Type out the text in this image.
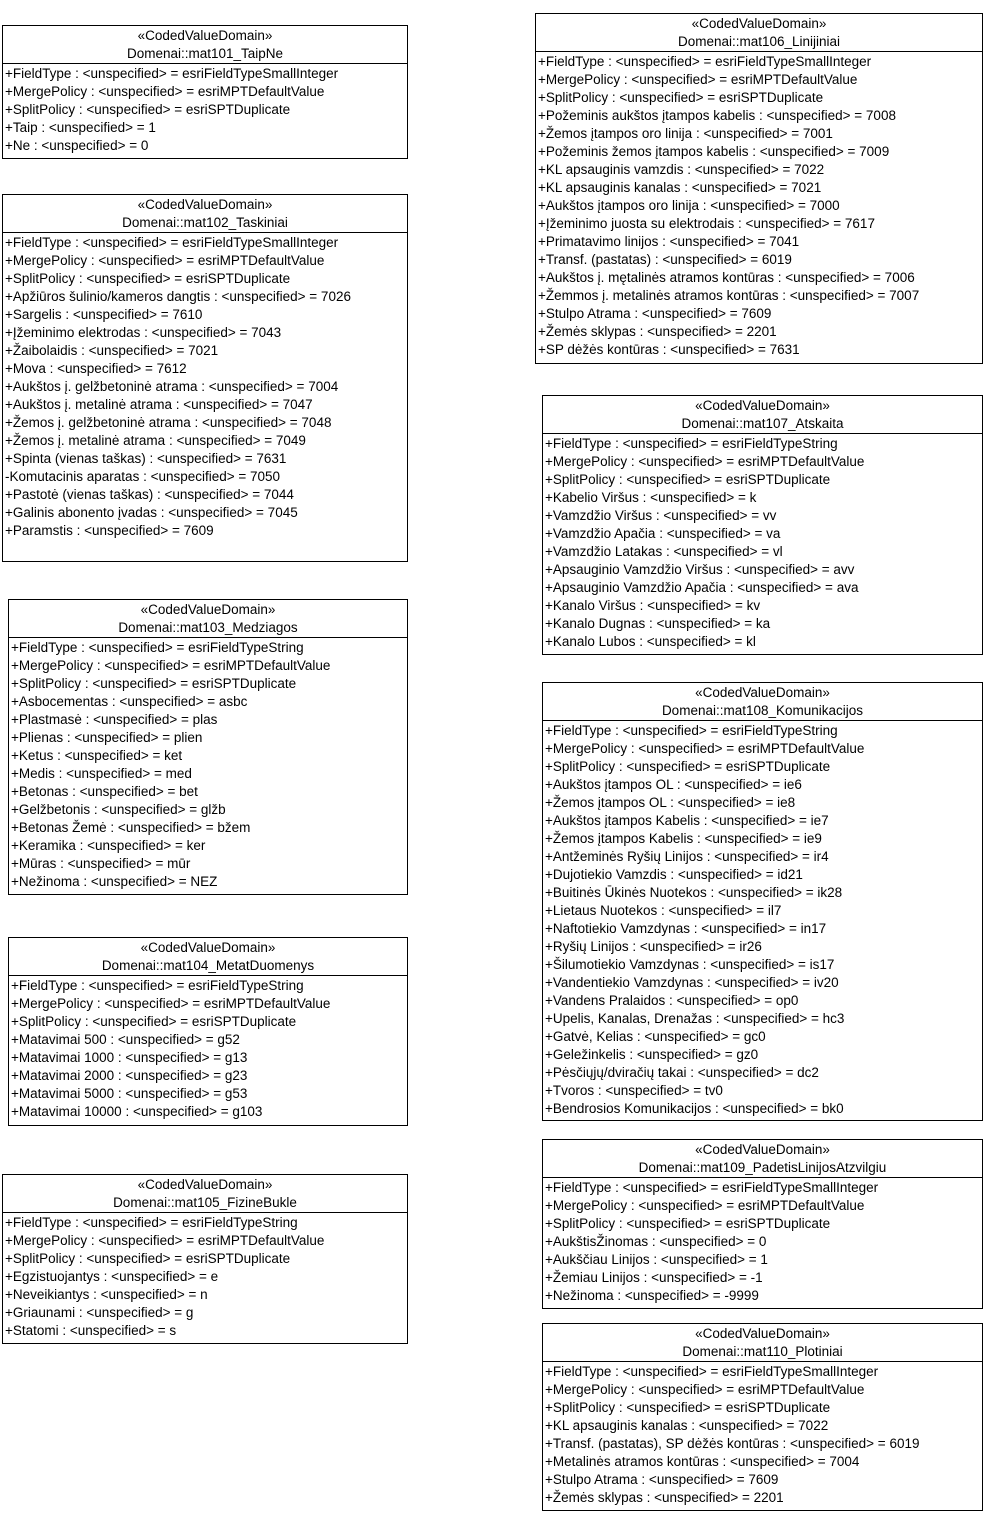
«CodedValueDomain»
Domenai::mat101_TaipNe
+FieldType : <unspecified> = esriFieldTypeSmallInteger
+MergePolicy : <unspecified> = esriMPTDefaultValue
+SplitPolicy : <unspecified> = esriSPTDuplicate
+Taip : <unspecified> = 1
+Ne : <unspecified> = 0
«CodedValueDomain»
Domenai::mat102_Taskiniai
+FieldType : <unspecified> = esriFieldTypeSmallInteger
+MergePolicy : <unspecified> = esriMPTDefaultValue
+SplitPolicy : <unspecified> = esriSPTDuplicate
+Apžiūros šulinio/kameros dangtis : <unspecified> = 7026
+Sargelis : <unspecified> = 7610
+Įžeminimo elektrodas : <unspecified> = 7043
+Žaibolaidis : <unspecified> = 7021
+Mova : <unspecified> = 7612
+Aukštos į. gelžbetoninė atrama : <unspecified> = 7004
+Aukštos į. metalinė atrama : <unspecified> = 7047
+Žemos į. gelžbetoninė atrama : <unspecified> = 7048
+Žemos į. metalinė atrama : <unspecified> = 7049
+Spinta (vienas taškas) : <unspecified> = 7631
-Komutacinis aparatas : <unspecified> = 7050
+Pastotė (vienas taškas) : <unspecified> = 7044
+Galinis abonento įvadas : <unspecified> = 7045
+Paramstis : <unspecified> = 7609
«CodedValueDomain»
Domenai::mat103_Medziagos
+FieldType : <unspecified> = esriFieldTypeString
+MergePolicy : <unspecified> = esriMPTDefaultValue
+SplitPolicy : <unspecified> = esriSPTDuplicate
+Asbocementas : <unspecified> = asbc
+Plastmasė : <unspecified> = plas
+Plienas : <unspecified> = plien
+Ketus : <unspecified> = ket
+Medis : <unspecified> = med
+Betonas : <unspecified> = bet
+Gelžbetonis : <unspecified> = glžb
+Betonas Žemė : <unspecified> = bžem
+Keramika : <unspecified> = ker
+Mūras : <unspecified> = mūr
+Nežinoma : <unspecified> = NEZ
«CodedValueDomain»
Domenai::mat104_MetatDuomenys
+FieldType : <unspecified> = esriFieldTypeString
+MergePolicy : <unspecified> = esriMPTDefaultValue
+SplitPolicy : <unspecified> = esriSPTDuplicate
+Matavimai 500 : <unspecified> = g52
+Matavimai 1000 : <unspecified> = g13
+Matavimai 2000 : <unspecified> = g23
+Matavimai 5000 : <unspecified> = g53
+Matavimai 10000 : <unspecified> = g103
«CodedValueDomain»
Domenai::mat105_FizineBukle
+FieldType : <unspecified> = esriFieldTypeString
+MergePolicy : <unspecified> = esriMPTDefaultValue
+SplitPolicy : <unspecified> = esriSPTDuplicate
+Egzistuojantys : <unspecified> = e
+Neveikiantys : <unspecified> = n
+Griaunami : <unspecified> = g
+Statomi : <unspecified> = s
«CodedValueDomain»
Domenai::mat106_Linijiniai
+FieldType : <unspecified> = esriFieldTypeSmallInteger
+MergePolicy : <unspecified> = esriMPTDefaultValue
+SplitPolicy : <unspecified> = esriSPTDuplicate
+Požeminis aukštos įtampos kabelis : <unspecified> = 7008
+Žemos įtampos oro linija : <unspecified> = 7001
+Požeminis žemos įtampos kabelis : <unspecified> = 7009
+KL apsauginis vamzdis : <unspecified> = 7022
+KL apsauginis kanalas : <unspecified> = 7021
+Aukštos įtampos oro linija : <unspecified> = 7000
+Įžeminimo juosta su elektrodais : <unspecified> = 7617
+Primatavimo linijos : <unspecified> = 7041
+Transf. (pastatas) : <unspecified> = 6019
+Aukštos į. mętalinės atramos kontūras : <unspecified> = 7006
+Žemmos į. metalinės atramos kontūras : <unspecified> = 7007
+Stulpo Atrama : <unspecified> = 7609
+Žemės sklypas : <unspecified> = 2201
+SP dėžės kontūras : <unspecified> = 7631
«CodedValueDomain»
Domenai::mat107_Atskaita
+FieldType : <unspecified> = esriFieldTypeString
+MergePolicy : <unspecified> = esriMPTDefaultValue
+SplitPolicy : <unspecified> = esriSPTDuplicate
+Kabelio Viršus : <unspecified> = k
+Vamzdžio Viršus : <unspecified> = vv
+Vamzdžio Apačia : <unspecified> = va
+Vamzdžio Latakas : <unspecified> = vl
+Apsauginio Vamzdžio Viršus : <unspecified> = avv
+Apsauginio Vamzdžio Apačia : <unspecified> = ava
+Kanalo Viršus : <unspecified> = kv
+Kanalo Dugnas : <unspecified> = ka
+Kanalo Lubos : <unspecified> = kl
«CodedValueDomain»
Domenai::mat108_Komunikacijos
+FieldType : <unspecified> = esriFieldTypeString
+MergePolicy : <unspecified> = esriMPTDefaultValue
+SplitPolicy : <unspecified> = esriSPTDuplicate
+Aukštos įtampos OL : <unspecified> = ie6
+Žemos įtampos OL : <unspecified> = ie8
+Aukštos įtampos Kabelis : <unspecified> = ie7
+Žemos įtampos Kabelis : <unspecified> = ie9
+Antžeminės Ryšių Linijos : <unspecified> = ir4
+Dujotiekio Vamzdis : <unspecified> = id21
+Buitinės Ūkinės Nuotekos : <unspecified> = ik28
+Lietaus Nuotekos : <unspecified> = il7
+Naftotiekio Vamzdynas : <unspecified> = in17
+Ryšių Linijos : <unspecified> = ir26
+Šilumotiekio Vamzdynas : <unspecified> = is17
+Vandentiekio Vamzdynas : <unspecified> = iv20
+Vandens Pralaidos : <unspecified> = op0
+Upelis, Kanalas, Drenažas : <unspecified> = hc3
+Gatvė, Kelias : <unspecified> = gc0
+Geležinkelis : <unspecified> = gz0
+Pėsčiųjų/dviračių takai : <unspecified> = dc2
+Tvoros : <unspecified> = tv0
+Bendrosios Komunikacijos : <unspecified> = bk0
«CodedValueDomain»
Domenai::mat109_PadetisLinijosAtzvilgiu
+FieldType : <unspecified> = esriFieldTypeSmallInteger
+MergePolicy : <unspecified> = esriMPTDefaultValue
+SplitPolicy : <unspecified> = esriSPTDuplicate
+AukštisŽinomas : <unspecified> = 0
+Aukščiau Linijos : <unspecified> = 1
+Žemiau Linijos : <unspecified> = -1
+Nežinoma : <unspecified> = -9999
«CodedValueDomain»
Domenai::mat110_Plotiniai
+FieldType : <unspecified> = esriFieldTypeSmallInteger
+MergePolicy : <unspecified> = esriMPTDefaultValue
+SplitPolicy : <unspecified> = esriSPTDuplicate
+KL apsauginis kanalas : <unspecified> = 7022
+Transf. (pastatas), SP dėžės kontūras : <unspecified> = 6019
+Metalinės atramos kontūras : <unspecified> = 7004
+Stulpo Atrama : <unspecified> = 7609
+Žemės sklypas : <unspecified> = 2201
